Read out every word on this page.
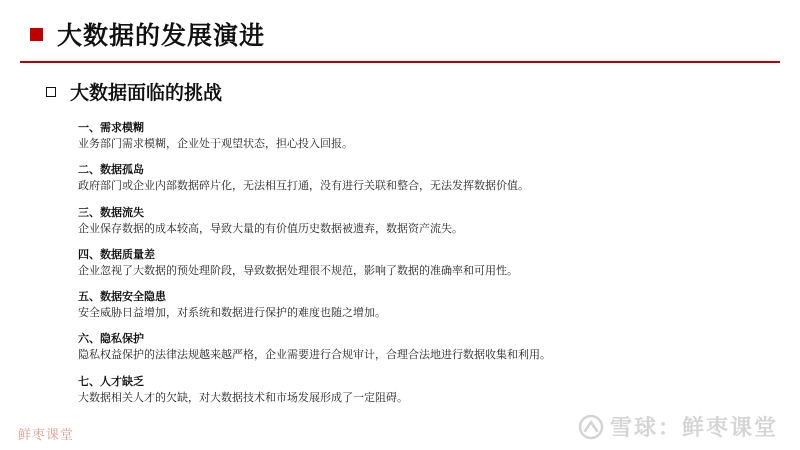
大数据的发展演进
大数据面临的挑战
一、需求模糊
业务部门需求模糊，企业处于观望状态，担心投入回报。
二、数据孤岛
政府部门或企业内部数据碎片化，无法相互打通，没有进行关联和整合，无法发挥数据价值。
三、数据流失
企业保存数据的成本较高，导致大量的有价值历史数据被遗弃，数据资产流失。
四、数据质量差
企业忽视了大数据的预处理阶段，导致数据处理很不规范，影响了数据的准确率和可用性。
五、数据安全隐患
安全威胁日益增加，对系统和数据进行保护的难度也随之增加。
六、隐私保护
隐私权益保护的法律法规越来越严格，企业需要进行合规审计，合理合法地进行数据收集和利用。
七、人才缺乏
大数据相关人才的欠缺，对大数据技术和市场发展形成了一定阻碍。
鲜枣课堂	雪球：鲜枣课堂
